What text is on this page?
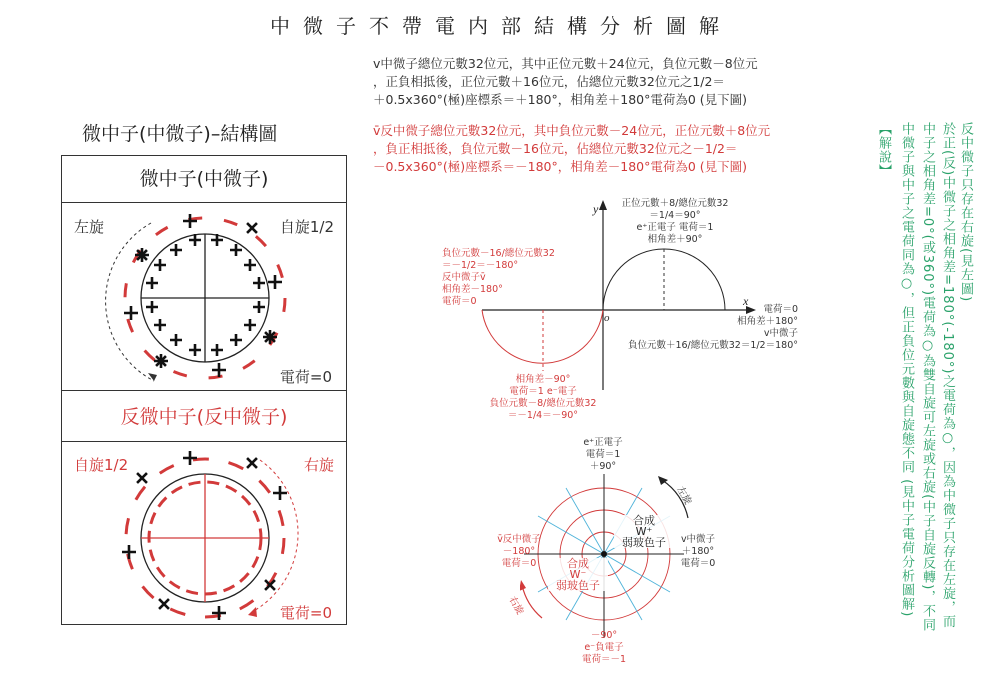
中微子不帶電内部結構分析圖解
v中微子總位元數32位元，其中正位元數＋24位元，負位元數－8位元
，正負相抵後，正位元數＋16位元，佔總位元數32位元之1/2＝
＋0.5x360°(極)座標系＝＋180°，相角差＋180°電荷為0 (見下圖)
v̄反中微子總位元數32位元，其中負位元數－24位元，正位元數＋8位元
，負正相抵後，負位元數－16位元，佔總位元數32位元之－1/2＝
－0.5x360°(極)座標系＝－180°，相角差－180°電荷為0 (見下圖)
微中子(中微子)–結構圖
微中子(中微子)
左旋	自旋1/2
電荷=0
反微中子(反中微子)
自旋1/2	右旋
電荷=0
y
x
o
正位元數＋8/總位元數32
＝1/4＝90°
e⁺正電子 電荷＝1
相角差＋90°
負位元數－16/總位元數32
＝－1/2＝－180°
反中微子v̄
相角差－180°
電荷＝0
電荷＝0
相角差＋180°
v中微子
負位元數＋16/總位元數32＝1/2＝180°
相角差－90°
電荷＝1 e⁻電子
負位元數－8/總位元數32
＝－1/4＝－90°
e⁺正電子
電荷＝1
＋90°
v̄反中微子
－180°
電荷＝0
v中微子
＋180°
電荷＝0
－90°
e⁻負電子
電荷＝－1
合成
W⁺
弱玻色子
合成
W⁻
弱玻色子
左旋
右旋
反中微子只存在右旋(見左圖)
於正(反)中微子之相角差=180°(-180°)之電荷為○，因為中微子只存在左旋，而
中子之相角差=0°(或360°)電荷為○為雙自旋可左旋或右旋(中子自旋反轉)，不同
中微子與中子之電荷同為○，但正負位元數與自旋態不同 (見中子電荷分析圖解)
【解說】
